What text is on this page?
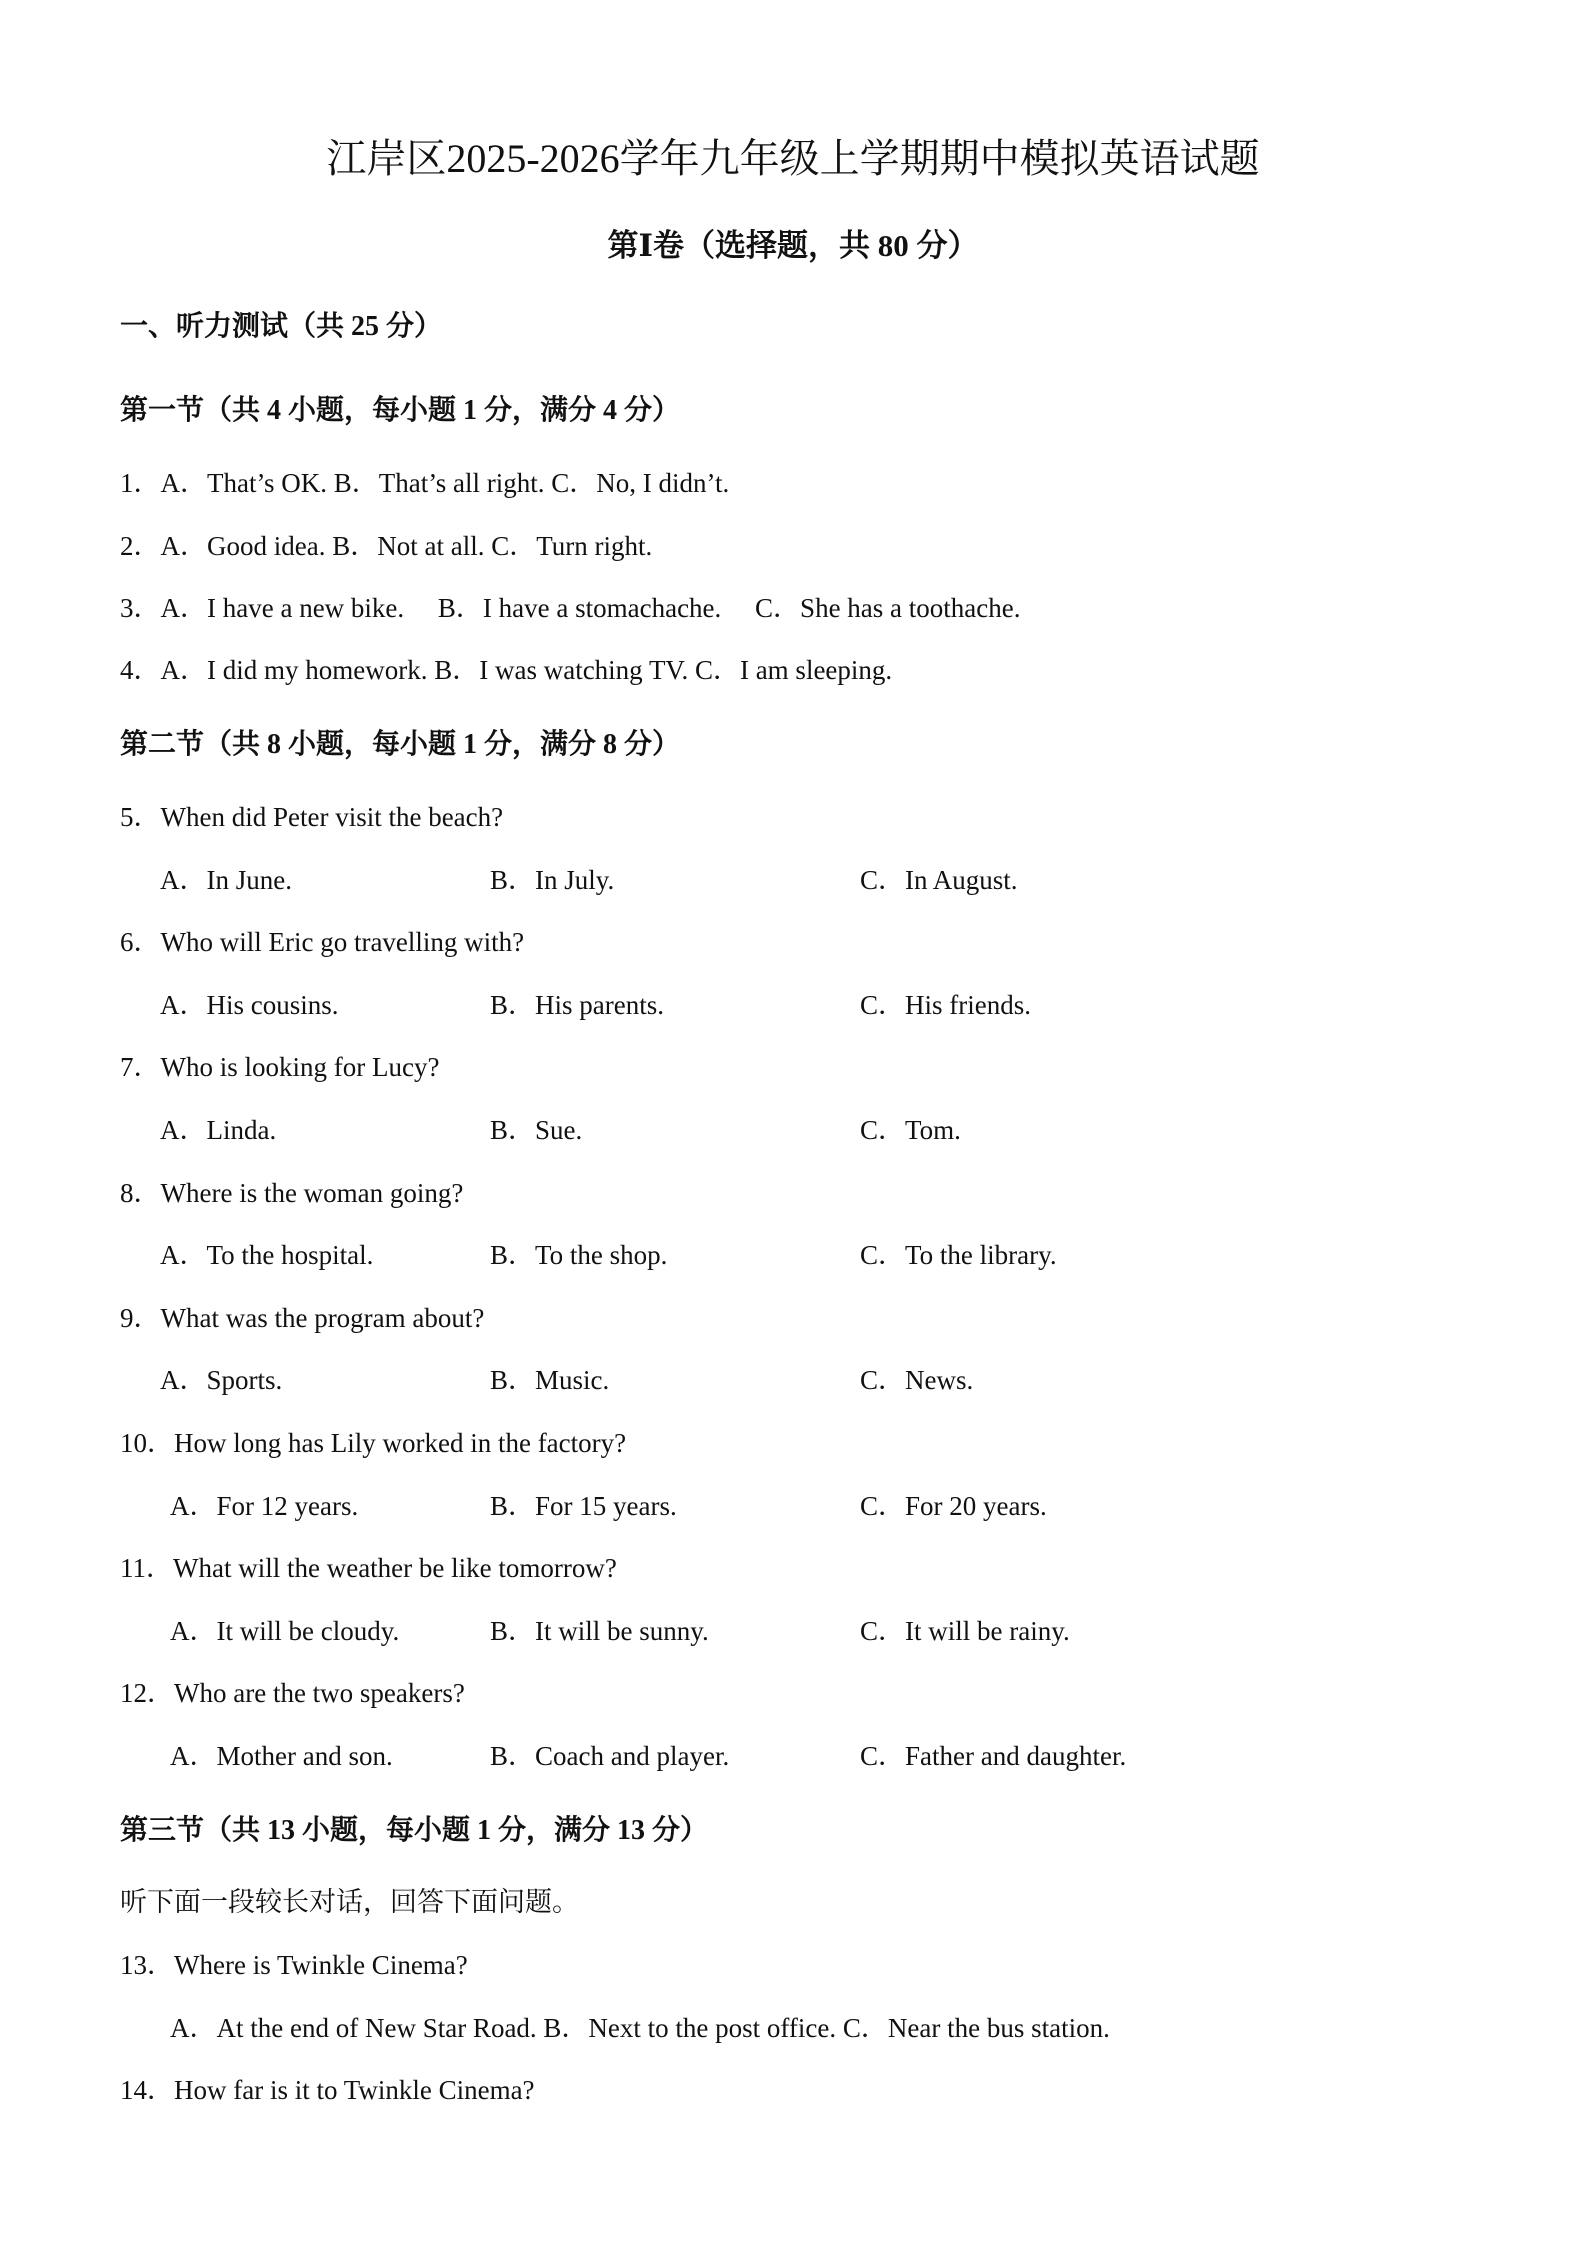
江岸区2025-2026学年九年级上学期期中模拟英语试题
第Ⅰ卷（选择题，共 80 分）
一、听力测试（共 25 分）
第一节（共 4 小题，每小题 1 分，满分 4 分）
1．A．That’s OK. B．That’s all right. C．No, I didn’t.
2．A．Good idea. B．Not at all. C．Turn right.
3．A．I have a new bike.　 B．I have a stomachache.　 C．She has a toothache.
4．A．I did my homework. B．I was watching TV. C．I am sleeping.
第二节（共 8 小题，每小题 1 分，满分 8 分）
5．When did Peter visit the beach?
A．In June.	B．In July.	C．In August.
6．Who will Eric go travelling with?
A．His cousins.	B．His parents.	C．His friends.
7．Who is looking for Lucy?
A．Linda.	B．Sue.	C．Tom.
8．Where is the woman going?
A．To the hospital.	B．To the shop.	C．To the library.
9．What was the program about?
A．Sports.	B．Music.	C．News.
10．How long has Lily worked in the factory?
A．For 12 years.	B．For 15 years.	C．For 20 years.
11．What will the weather be like tomorrow?
A．It will be cloudy.	B．It will be sunny.	C．It will be rainy.
12．Who are the two speakers?
A．Mother and son.	B．Coach and player.	C．Father and daughter.
第三节（共 13 小题，每小题 1 分，满分 13 分）
听下面一段较长对话，回答下面问题。
13．Where is Twinkle Cinema?
A．At the end of New Star Road. B．Next to the post office. C．Near the bus station.
14．How far is it to Twinkle Cinema?
